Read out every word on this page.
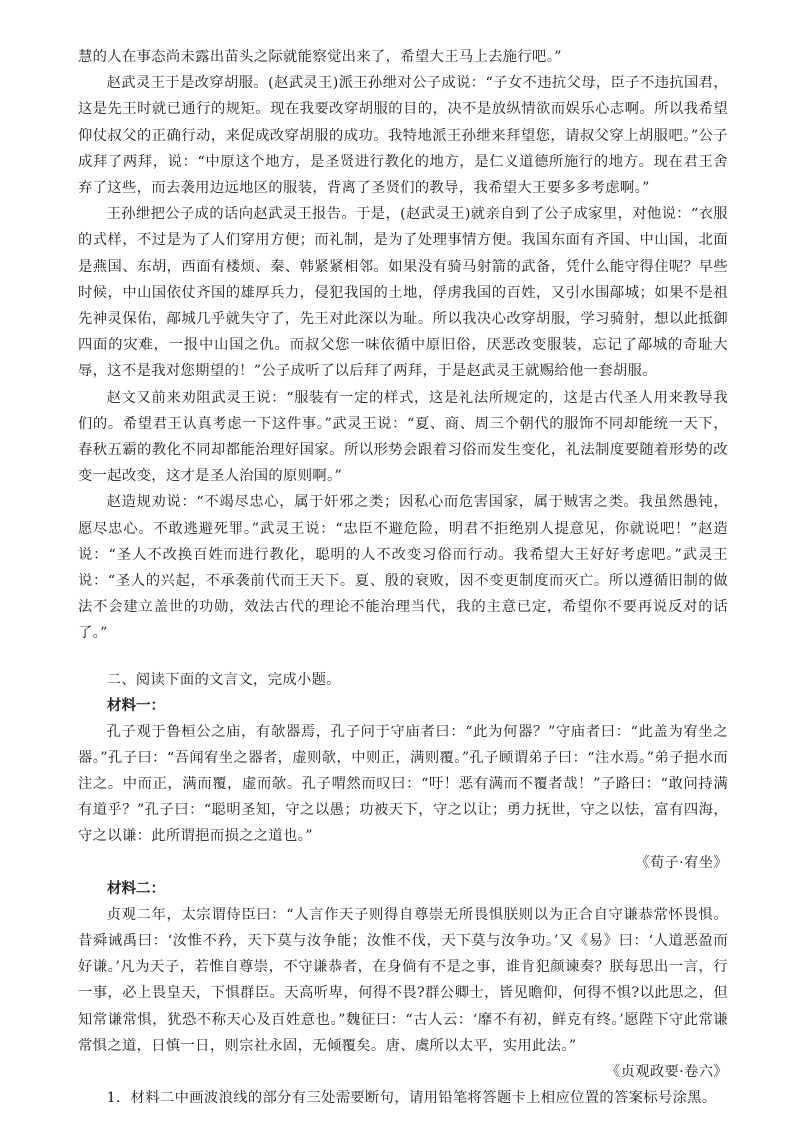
慧的人在事态尚未露出苗头之际就能察觉出来了，希望大王马上去施行吧。”

赵武灵王于是改穿胡服。(赵武灵王)派王孙绁对公子成说：“子女不违抗父母，臣子不违抗国君，这是先王时就已通行的规矩。现在我要改穿胡服的目的，决不是放纵情欲而娱乐心志啊。所以我希望仰仗叔父的正确行动，来促成改穿胡服的成功。我特地派王孙绁来拜望您，请叔父穿上胡服吧。”公子成拜了两拜，说：“中原这个地方，是圣贤进行教化的地方，是仁义道德所施行的地方。现在君王舍弃了这些，而去袭用边远地区的服装，背离了圣贤们的教导，我希望大王要多多考虑啊。”

王孙绁把公子成的话向赵武灵王报告。于是，(赵武灵王)就亲自到了公子成家里，对他说：“衣服的式样，不过是为了人们穿用方便；而礼制，是为了处理事情方便。我国东面有齐国、中山国，北面是燕国、东胡，西面有楼烦、秦、韩紧紧相邻。如果没有骑马射箭的武备，凭什么能守得住呢？早些时候，中山国依仗齐国的雄厚兵力，侵犯我国的土地，俘虏我国的百姓，又引水围鄗城；如果不是祖先神灵保佑，鄗城几乎就失守了，先王对此深以为耻。所以我决心改穿胡服，学习骑射，想以此抵御四面的灾难，一报中山国之仇。而叔父您一味依循中原旧俗，厌恶改变服装，忘记了鄗城的奇耻大辱，这不是我对您期望的！”公子成听了以后拜了两拜，于是赵武灵王就赐给他一套胡服。

赵文又前来劝阻武灵王说：“服装有一定的样式，这是礼法所规定的，这是古代圣人用来教导我们的。希望君王认真考虑一下这件事。”武灵王说：“夏、商、周三个朝代的服饰不同却能统一天下，春秋五霸的教化不同却都能治理好国家。所以形势会跟着习俗而发生变化，礼法制度要随着形势的改变一起改变，这才是圣人治国的原则啊。”

赵造规劝说：“不竭尽忠心，属于奸邪之类；因私心而危害国家，属于贼害之类。我虽然愚钝，愿尽忠心。不敢逃避死罪。”武灵王说：“忠臣不避危险，明君不拒绝别人提意见，你就说吧！”赵造说：“圣人不改换百姓而进行教化，聪明的人不改变习俗而行动。我希望大王好好考虑吧。”武灵王说：“圣人的兴起，不承袭前代而王天下。夏、殷的衰败，因不变更制度而灭亡。所以遵循旧制的做法不会建立盖世的功勋，效法古代的理论不能治理当代，我的主意已定，希望你不要再说反对的话了。”

二、阅读下面的文言文，完成小题。

材料一：

孔子观于鲁桓公之庙，有欹器焉，孔子问于守庙者曰：“此为何器？”守庙者曰：“此盖为宥坐之器。”孔子曰：“吾闻宥坐之器者，虚则欹，中则正，满则覆。”孔子顾谓弟子曰：“注水焉。”弟子挹水而注之。中而正，满而覆，虚而欹。孔子喟然而叹曰：“吁！恶有满而不覆者哉！”子路曰：“敢问持满有道乎？”孔子曰：“聪明圣知，守之以愚；功被天下，守之以让；勇力抚世，守之以怯，富有四海，守之以谦：此所谓挹而损之之道也。”

《荀子·宥坐》

材料二：

贞观二年，太宗谓侍臣曰：“人言作天子则得自尊崇无所畏惧朕则以为正合自守谦恭常怀畏惧。昔舜诫禹曰：‘汝惟不矜，天下莫与汝争能；汝惟不伐，天下莫与汝争功。’又《易》曰：‘人道恶盈而好谦。’凡为天子，若惟自尊崇，不守谦恭者，在身倘有不是之事，谁肯犯颜谏奏？朕每思出一言，行一事，必上畏皇天，下惧群臣。天高听卑，何得不畏?群公卿士，皆见瞻仰，何得不惧?以此思之，但知常谦常惧，犹恐不称天心及百姓意也。”魏征曰：“古人云：‘靡不有初，鲜克有终。’愿陛下守此常谦常惧之道，日慎一日，则宗社永固，无倾覆矣。唐、虞所以太平，实用此法。”

《贞观政要·卷六》

1．材料二中画波浪线的部分有三处需要断句，请用铅笔将答题卡上相应位置的答案标号涂黑。
